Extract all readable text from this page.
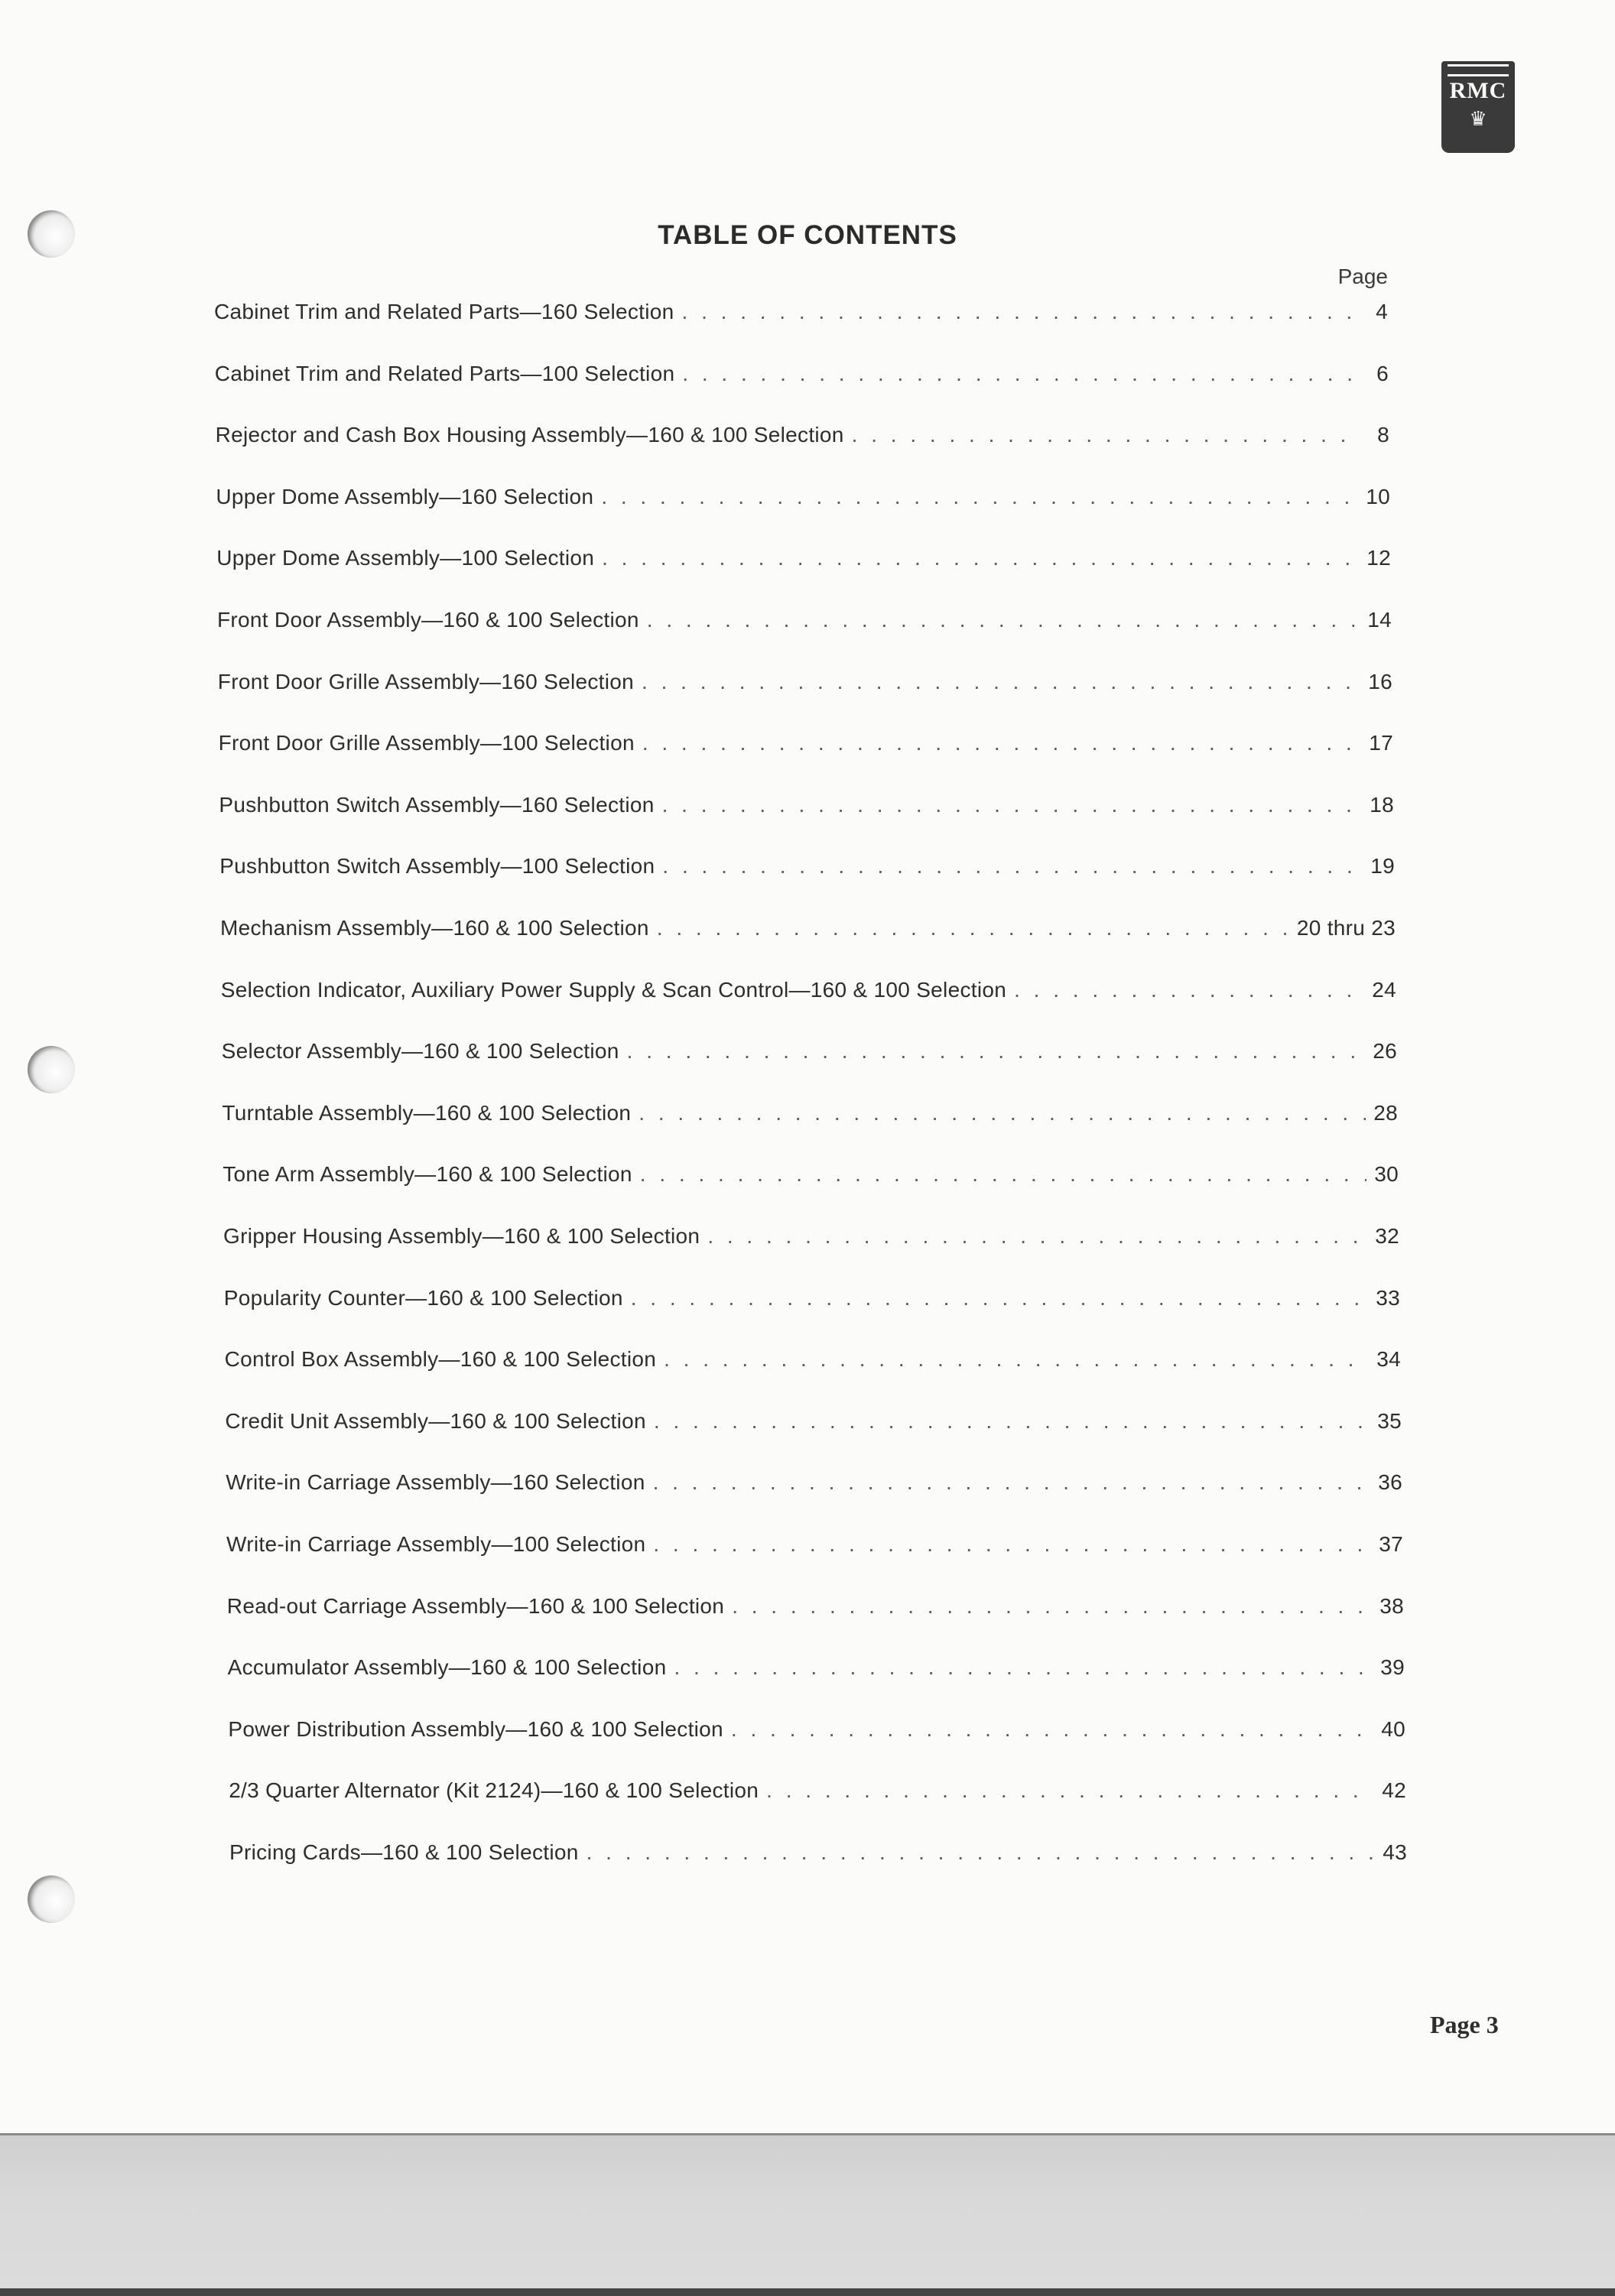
RMC
♛
TABLE OF CONTENTS
Page
Cabinet Trim and Related Parts—160 Selection . . .	4
Cabinet Trim and Related Parts—100 Selection . . .	6
Rejector and Cash Box Housing Assembly—160 & 100 Selection . . .	8
Upper Dome Assembly—160 Selection . . .	10
Upper Dome Assembly—100 Selection . . .	12
Front Door Assembly—160 & 100 Selection . . .	14
Front Door Grille Assembly—160 Selection . . .	16
Front Door Grille Assembly—100 Selection . . .	17
Pushbutton Switch Assembly—160 Selection . . .	18
Pushbutton Switch Assembly—100 Selection . . .	19
Mechanism Assembly—160 & 100 Selection . . .	20 thru 23
Selection Indicator, Auxiliary Power Supply & Scan Control—160 & 100 Selection . . .	24
Selector Assembly—160 & 100 Selection . . .	26
Turntable Assembly—160 & 100 Selection . . .	28
Tone Arm Assembly—160 & 100 Selection . . .	30
Gripper Housing Assembly—160 & 100 Selection . . .	32
Popularity Counter—160 & 100 Selection . . .	33
Control Box Assembly—160 & 100 Selection . . .	34
Credit Unit Assembly—160 & 100 Selection . . .	35
Write-in Carriage Assembly—160 Selection . . .	36
Write-in Carriage Assembly—100 Selection . . .	37
Read-out Carriage Assembly—160 & 100 Selection . . .	38
Accumulator Assembly—160 & 100 Selection . . .	39
Power Distribution Assembly—160 & 100 Selection . . .	40
2/3 Quarter Alternator (Kit 2124)—160 & 100 Selection . . .	42
Pricing Cards—160 & 100 Selection . . .	43
Page 3
